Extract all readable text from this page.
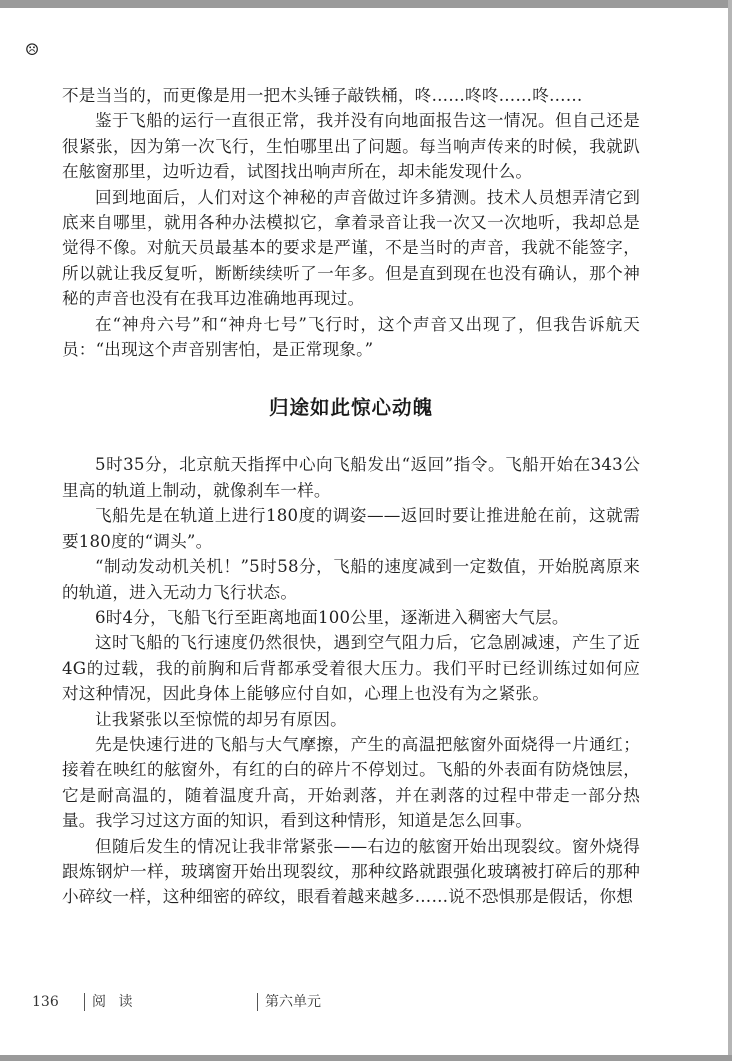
☹

不是当当的，而更像是用一把木头锤子敲铁桶，咚……咚咚……咚……

鉴于飞船的运行一直很正常，我并没有向地面报告这一情况。但自己还是很紧张，因为第一次飞行，生怕哪里出了问题。每当响声传来的时候，我就趴在舷窗那里，边听边看，试图找出响声所在，却未能发现什么。

回到地面后，人们对这个神秘的声音做过许多猜测。技术人员想弄清它到底来自哪里，就用各种办法模拟它，拿着录音让我一次又一次地听，我却总是觉得不像。对航天员最基本的要求是严谨，不是当时的声音，我就不能签字，所以就让我反复听，断断续续听了一年多。但是直到现在也没有确认，那个神秘的声音也没有在我耳边准确地再现过。

在“神舟六号”和“神舟七号”飞行时，这个声音又出现了，但我告诉航天员：“出现这个声音别害怕，是正常现象。”

归途如此惊心动魄

5时35分，北京航天指挥中心向飞船发出“返回”指令。飞船开始在343公里高的轨道上制动，就像刹车一样。

飞船先是在轨道上进行180度的调姿——返回时要让推进舱在前，这就需要180度的“调头”。

“制动发动机关机！”5时58分，飞船的速度减到一定数值，开始脱离原来的轨道，进入无动力飞行状态。

6时4分，飞船飞行至距离地面100公里，逐渐进入稠密大气层。

这时飞船的飞行速度仍然很快，遇到空气阻力后，它急剧减速，产生了近4G的过载，我的前胸和后背都承受着很大压力。我们平时已经训练过如何应对这种情况，因此身体上能够应付自如，心理上也没有为之紧张。

让我紧张以至惊慌的却另有原因。

先是快速行进的飞船与大气摩擦，产生的高温把舷窗外面烧得一片通红；接着在映红的舷窗外，有红的白的碎片不停划过。飞船的外表面有防烧蚀层，它是耐高温的，随着温度升高，开始剥落，并在剥落的过程中带走一部分热量。我学习过这方面的知识，看到这种情形，知道是怎么回事。

但随后发生的情况让我非常紧张——右边的舷窗开始出现裂纹。窗外烧得跟炼钢炉一样，玻璃窗开始出现裂纹，那种纹路就跟强化玻璃被打碎后的那种小碎纹一样，这种细密的碎纹，眼看着越来越多……说不恐惧那是假话，你想

136 阅 读	第六单元
